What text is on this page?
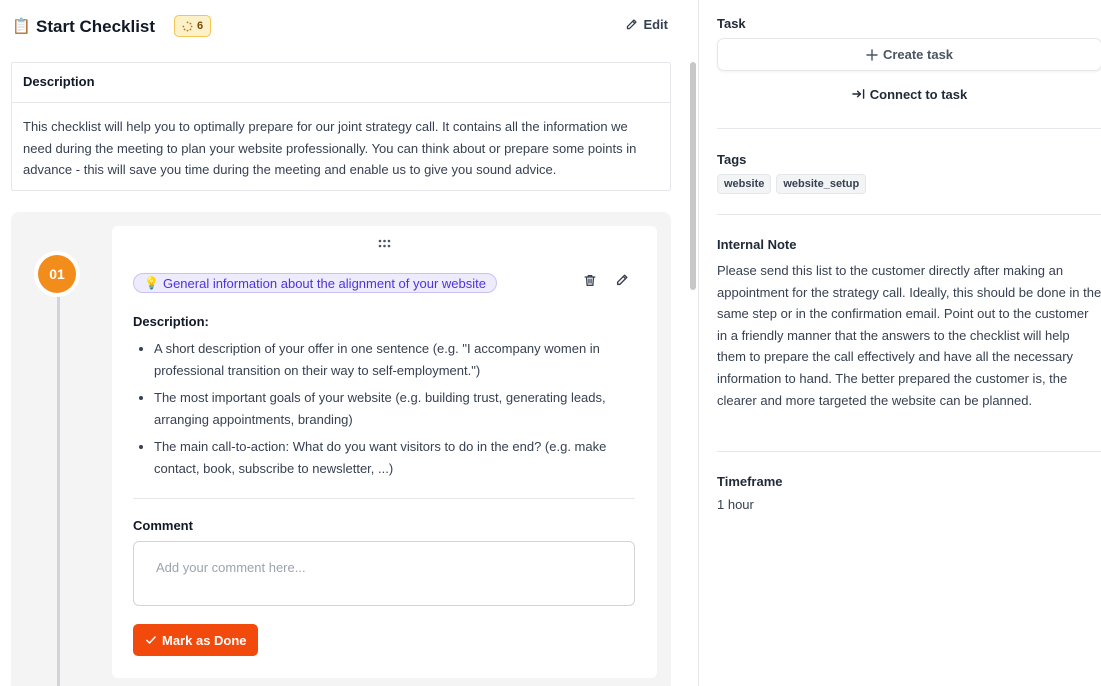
📋 Start Checklist	6	Edit
Description
This checklist will help you to optimally prepare for our joint strategy call. It contains all the information we need during the meeting to plan your website professionally. You can think about or prepare some points in advance - this will save you time during the meeting and enable us to give you sound advice.
01
💡 General information about the alignment of your website
Description:
A short description of your offer in one sentence (e.g. "I accompany women in professional transition on their way to self-employment.")
The most important goals of your website (e.g. building trust, generating leads, arranging appointments, branding)
The main call-to-action: What do you want visitors to do in the end? (e.g. make contact, book, subscribe to newsletter, ...)
Comment
Add your comment here...
Mark as Done
Task
Create task
Connect to task
Tags
website	website_setup
Internal Note
Please send this list to the customer directly after making an appointment for the strategy call. Ideally, this should be done in the same step or in the confirmation email. Point out to the customer in a friendly manner that the answers to the checklist will help them to prepare the call effectively and have all the necessary information to hand. The better prepared the customer is, the clearer and more targeted the website can be planned.
Timeframe
1 hour
